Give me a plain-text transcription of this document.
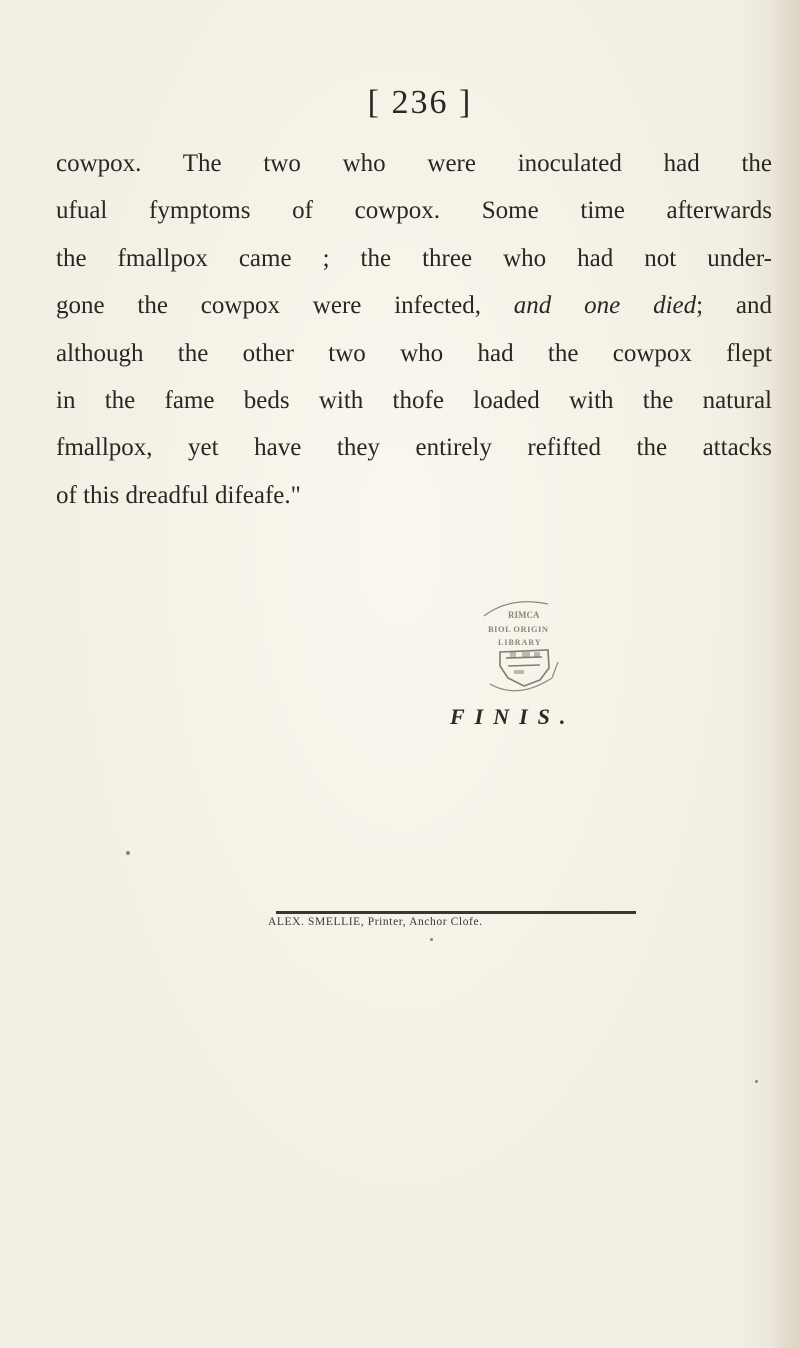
[ 236 ]
cowpox. The two who were inoculated had the
ufual fymptoms of cowpox. Some time afterwards
the fmallpox came ; the three who had not under-
gone the cowpox were infected, and one died; and
although the other two who had the cowpox flept
in the fame beds with thofe loaded with the natural
fmallpox, yet have they entirely refifted the attacks
of this dreadful difeafe."
RIMCA
BIOL ORIGIN
LIBRARY
FINIS.
ALEX. SMELLIE, Printer, Anchor Clofe.
